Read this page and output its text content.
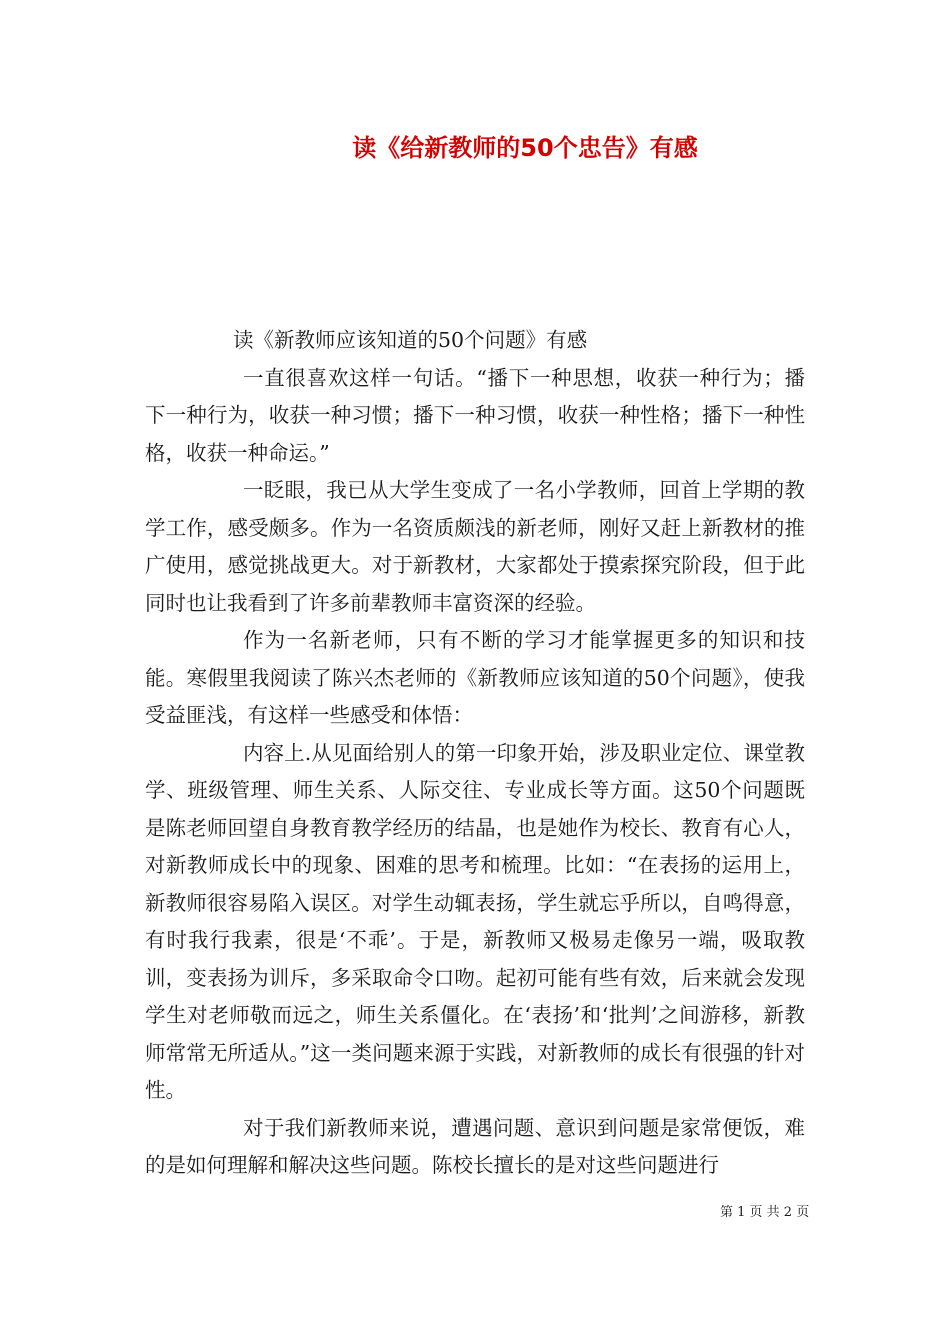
读《给新教师的50个忠告》有感
读《新教师应该知道的50个问题》有感

一直很喜欢这样一句话。“播下一种思想，收获一种行为；播下一种行为，收获一种习惯；播下一种习惯，收获一种性格；播下一种性格，收获一种命运。”

一眨眼，我已从大学生变成了一名小学教师，回首上学期的教学工作，感受颇多。作为一名资质颇浅的新老师，刚好又赶上新教材的推广使用，感觉挑战更大。对于新教材，大家都处于摸索探究阶段，但于此同时也让我看到了许多前辈教师丰富资深的经验。

作为一名新老师，只有不断的学习才能掌握更多的知识和技能。寒假里我阅读了陈兴杰老师的《新教师应该知道的50个问题》，使我受益匪浅，有这样一些感受和体悟：

内容上.从见面给别人的第一印象开始，涉及职业定位、课堂教学、班级管理、师生关系、人际交往、专业成长等方面。这50个问题既是陈老师回望自身教育教学经历的结晶，也是她作为校长、教育有心人，对新教师成长中的现象、困难的思考和梳理。比如：“在表扬的运用上，新教师很容易陷入误区。对学生动辄表扬，学生就忘乎所以，自鸣得意，有时我行我素，很是‘不乖’。于是，新教师又极易走像另一端，吸取教训，变表扬为训斥，多采取命令口吻。起初可能有些有效，后来就会发现学生对老师敬而远之，师生关系僵化。在‘表扬’和‘批判’之间游移，新教师常常无所适从。”这一类问题来源于实践，对新教师的成长有很强的针对性。

对于我们新教师来说，遭遇问题、意识到问题是家常便饭，难的是如何理解和解决这些问题。陈校长擅长的是对这些问题进行

第 1 页 共 2 页
